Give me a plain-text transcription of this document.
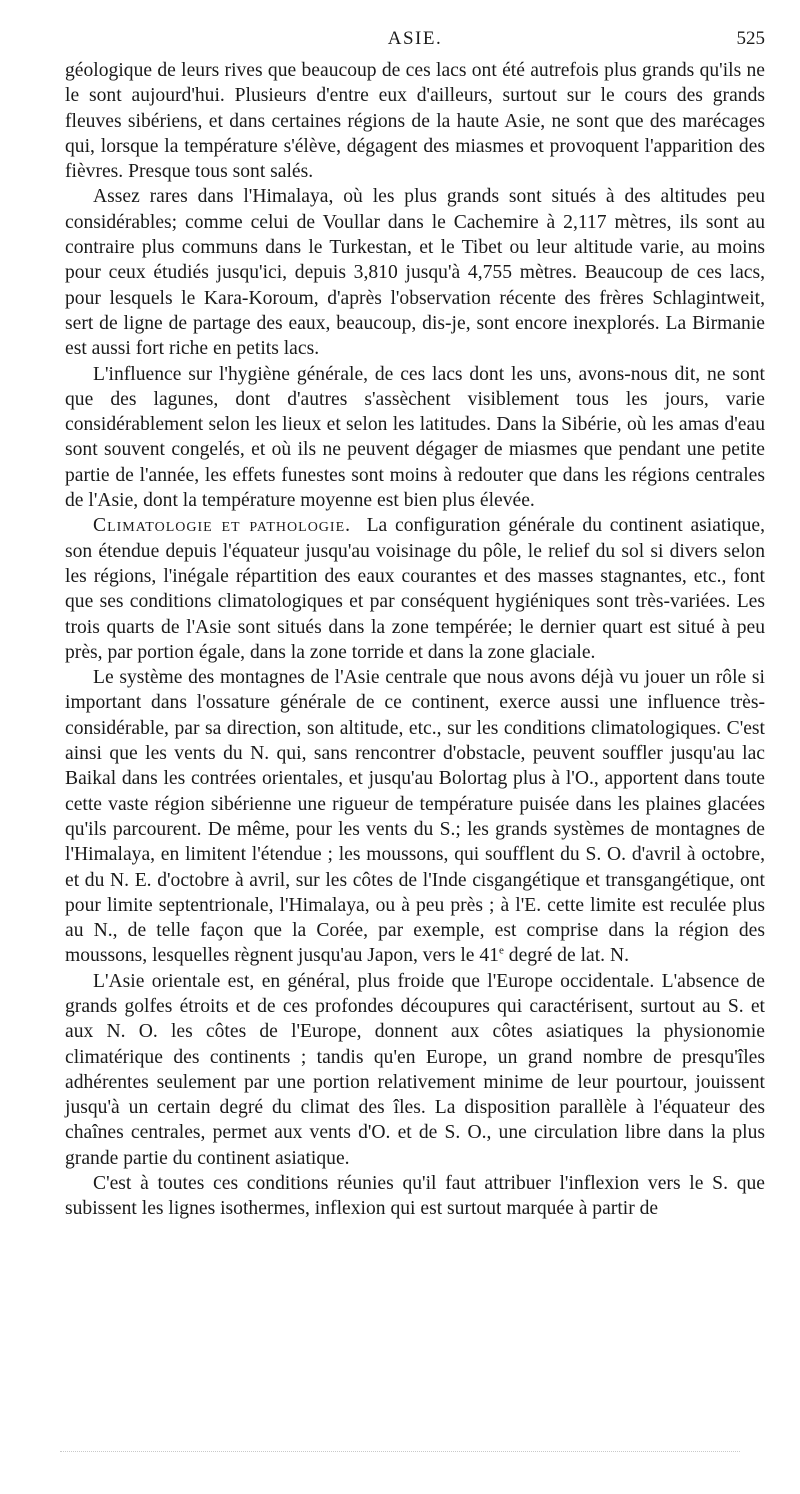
ASIE.	525

géologique de leurs rives que beaucoup de ces lacs ont été autrefois plus grands qu'ils ne le sont aujourd'hui. Plusieurs d'entre eux d'ailleurs, surtout sur le cours des grands fleuves sibériens, et dans certaines régions de la haute Asie, ne sont que des marécages qui, lorsque la température s'élève, dégagent des miasmes et provoquent l'apparition des fièvres. Presque tous sont salés.

Assez rares dans l'Himalaya, où les plus grands sont situés à des altitudes peu considérables; comme celui de Voullar dans le Cachemire à 2,117 mètres, ils sont au contraire plus communs dans le Turkestan, et le Tibet ou leur altitude varie, au moins pour ceux étudiés jusqu'ici, depuis 3,810 jusqu'à 4,755 mètres. Beaucoup de ces lacs, pour lesquels le Kara-Koroum, d'après l'observation récente des frères Schlagintweit, sert de ligne de partage des eaux, beaucoup, dis-je, sont encore inexplorés. La Birmanie est aussi fort riche en petits lacs.

L'influence sur l'hygiène générale, de ces lacs dont les uns, avons-nous dit, ne sont que des lagunes, dont d'autres s'assèchent visiblement tous les jours, varie considérablement selon les lieux et selon les latitudes. Dans la Sibérie, où les amas d'eau sont souvent congelés, et où ils ne peuvent dégager de miasmes que pendant une petite partie de l'année, les effets funestes sont moins à redouter que dans les régions centrales de l'Asie, dont la température moyenne est bien plus élevée.

Climatologie et pathologie. La configuration générale du continent asiatique, son étendue depuis l'équateur jusqu'au voisinage du pôle, le relief du sol si divers selon les régions, l'inégale répartition des eaux courantes et des masses stagnantes, etc., font que ses conditions climatologiques et par conséquent hygiéniques sont très-variées. Les trois quarts de l'Asie sont situés dans la zone tempérée; le dernier quart est situé à peu près, par portion égale, dans la zone torride et dans la zone glaciale.

Le système des montagnes de l'Asie centrale que nous avons déjà vu jouer un rôle si important dans l'ossature générale de ce continent, exerce aussi une influence très-considérable, par sa direction, son altitude, etc., sur les conditions climatologiques. C'est ainsi que les vents du N. qui, sans rencontrer d'obstacle, peuvent souffler jusqu'au lac Baikal dans les contrées orientales, et jusqu'au Bolortag plus à l'O., apportent dans toute cette vaste région sibérienne une rigueur de température puisée dans les plaines glacées qu'ils parcourent. De même, pour les vents du S.; les grands systèmes de montagnes de l'Himalaya, en limitent l'étendue ; les moussons, qui soufflent du S. O. d'avril à octobre, et du N. E. d'octobre à avril, sur les côtes de l'Inde cisgangétique et transgangétique, ont pour limite septentrionale, l'Himalaya, ou à peu près ; à l'E. cette limite est reculée plus au N., de telle façon que la Corée, par exemple, est comprise dans la région des moussons, lesquelles règnent jusqu'au Japon, vers le 41e degré de lat. N.

L'Asie orientale est, en général, plus froide que l'Europe occidentale. L'absence de grands golfes étroits et de ces profondes découpures qui caractérisent, surtout au S. et aux N. O. les côtes de l'Europe, donnent aux côtes asiatiques la physionomie climatérique des continents ; tandis qu'en Europe, un grand nombre de presqu'îles adhérentes seulement par une portion relativement minime de leur pourtour, jouissent jusqu'à un certain degré du climat des îles. La disposition parallèle à l'équateur des chaînes centrales, permet aux vents d'O. et de S. O., une circulation libre dans la plus grande partie du continent asiatique.

C'est à toutes ces conditions réunies qu'il faut attribuer l'inflexion vers le S. que subissent les lignes isothermes, inflexion qui est surtout marquée à partir de
